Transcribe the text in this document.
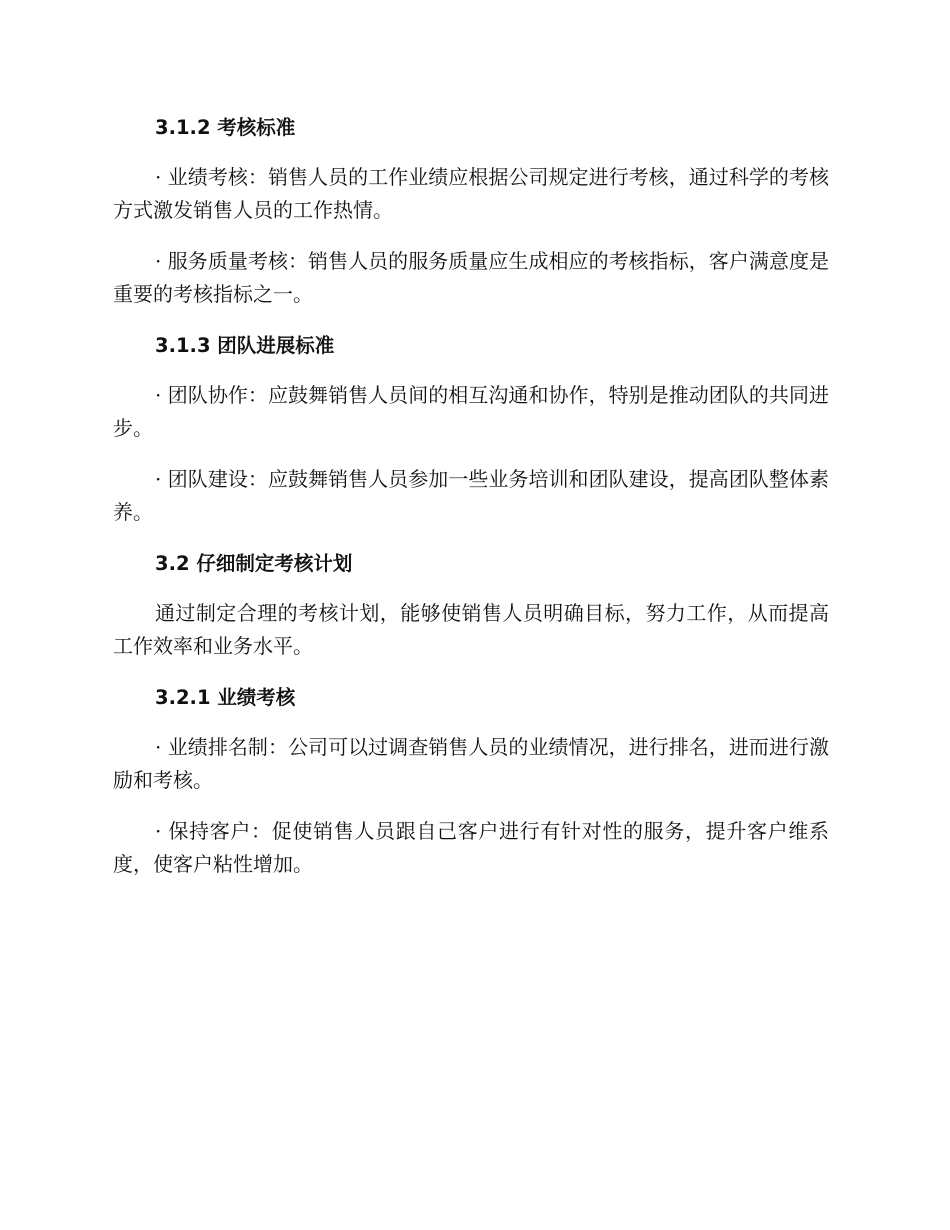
3.1.2 考核标准

· 业绩考核：销售人员的工作业绩应根据公司规定进行考核，通过科学的考核方式激发销售人员的工作热情。

· 服务质量考核：销售人员的服务质量应生成相应的考核指标，客户满意度是重要的考核指标之一。

3.1.3 团队进展标准

· 团队协作：应鼓舞销售人员间的相互沟通和协作，特别是推动团队的共同进步。

· 团队建设：应鼓舞销售人员参加一些业务培训和团队建设，提高团队整体素养。

3.2 仔细制定考核计划

通过制定合理的考核计划，能够使销售人员明确目标，努力工作，从而提高工作效率和业务水平。

3.2.1 业绩考核

· 业绩排名制：公司可以过调查销售人员的业绩情况，进行排名，进而进行激励和考核。

· 保持客户：促使销售人员跟自己客户进行有针对性的服务，提升客户维系度，使客户粘性增加。
